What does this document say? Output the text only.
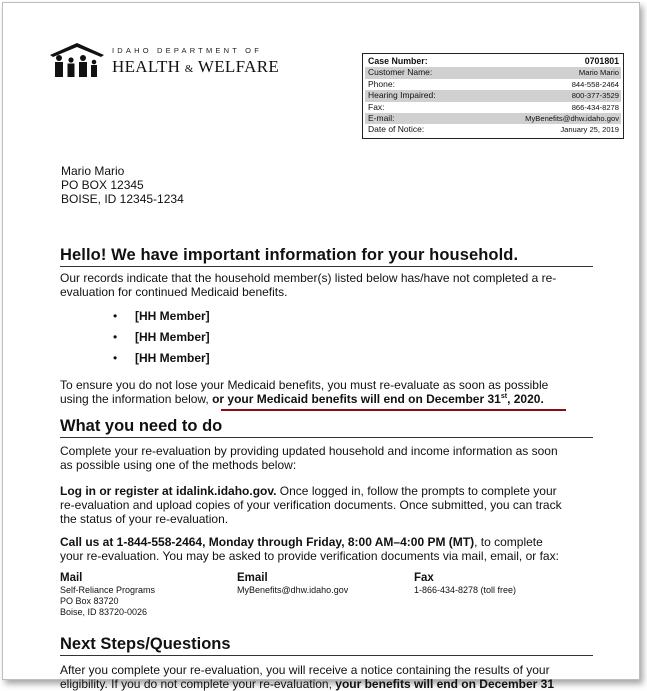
IDAHO DEPARTMENT OF
HEALTH & WELFARE	Case Number:	0701801
Customer Name:	Mario Mario
Phone:	844-558-2464
Hearing Impaired:	800-377-3529
Fax:	866-434-8278
E-mail:	MyBenefits@dhw.idaho.gov
Date of Notice:	January 25, 2019
Mario Mario
PO BOX 12345
BOISE, ID 12345-1234
Hello! We have important information for your household.
Our records indicate that the household member(s) listed below has/have not completed a re-
evaluation for continued Medicaid benefits.
• [HH Member]
• [HH Member]
• [HH Member]
To ensure you do not lose your Medicaid benefits, you must re-evaluate as soon as possible
using the information below, or your Medicaid benefits will end on December 31st, 2020.
What you need to do
Complete your re-evaluation by providing updated household and income information as soon
as possible using one of the methods below:
Log in or register at idalink.idaho.gov. Once logged in, follow the prompts to complete your
re-evaluation and upload copies of your verification documents. Once submitted, you can track
the status of your re-evaluation.
Call us at 1-844-558-2464, Monday through Friday, 8:00 AM–4:00 PM (MT), to complete
your re-evaluation. You may be asked to provide verification documents via mail, email, or fax:
Mail
Self-Reliance Programs
PO Box 83720
Boise, ID 83720-0026
Email
MyBenefits@dhw.idaho.gov
Fax
1-866-434-8278 (toll free)
Next Steps/Questions
After you complete your re-evaluation, you will receive a notice containing the results of your
eligibility. If you do not complete your re-evaluation, your benefits will end on December 31
